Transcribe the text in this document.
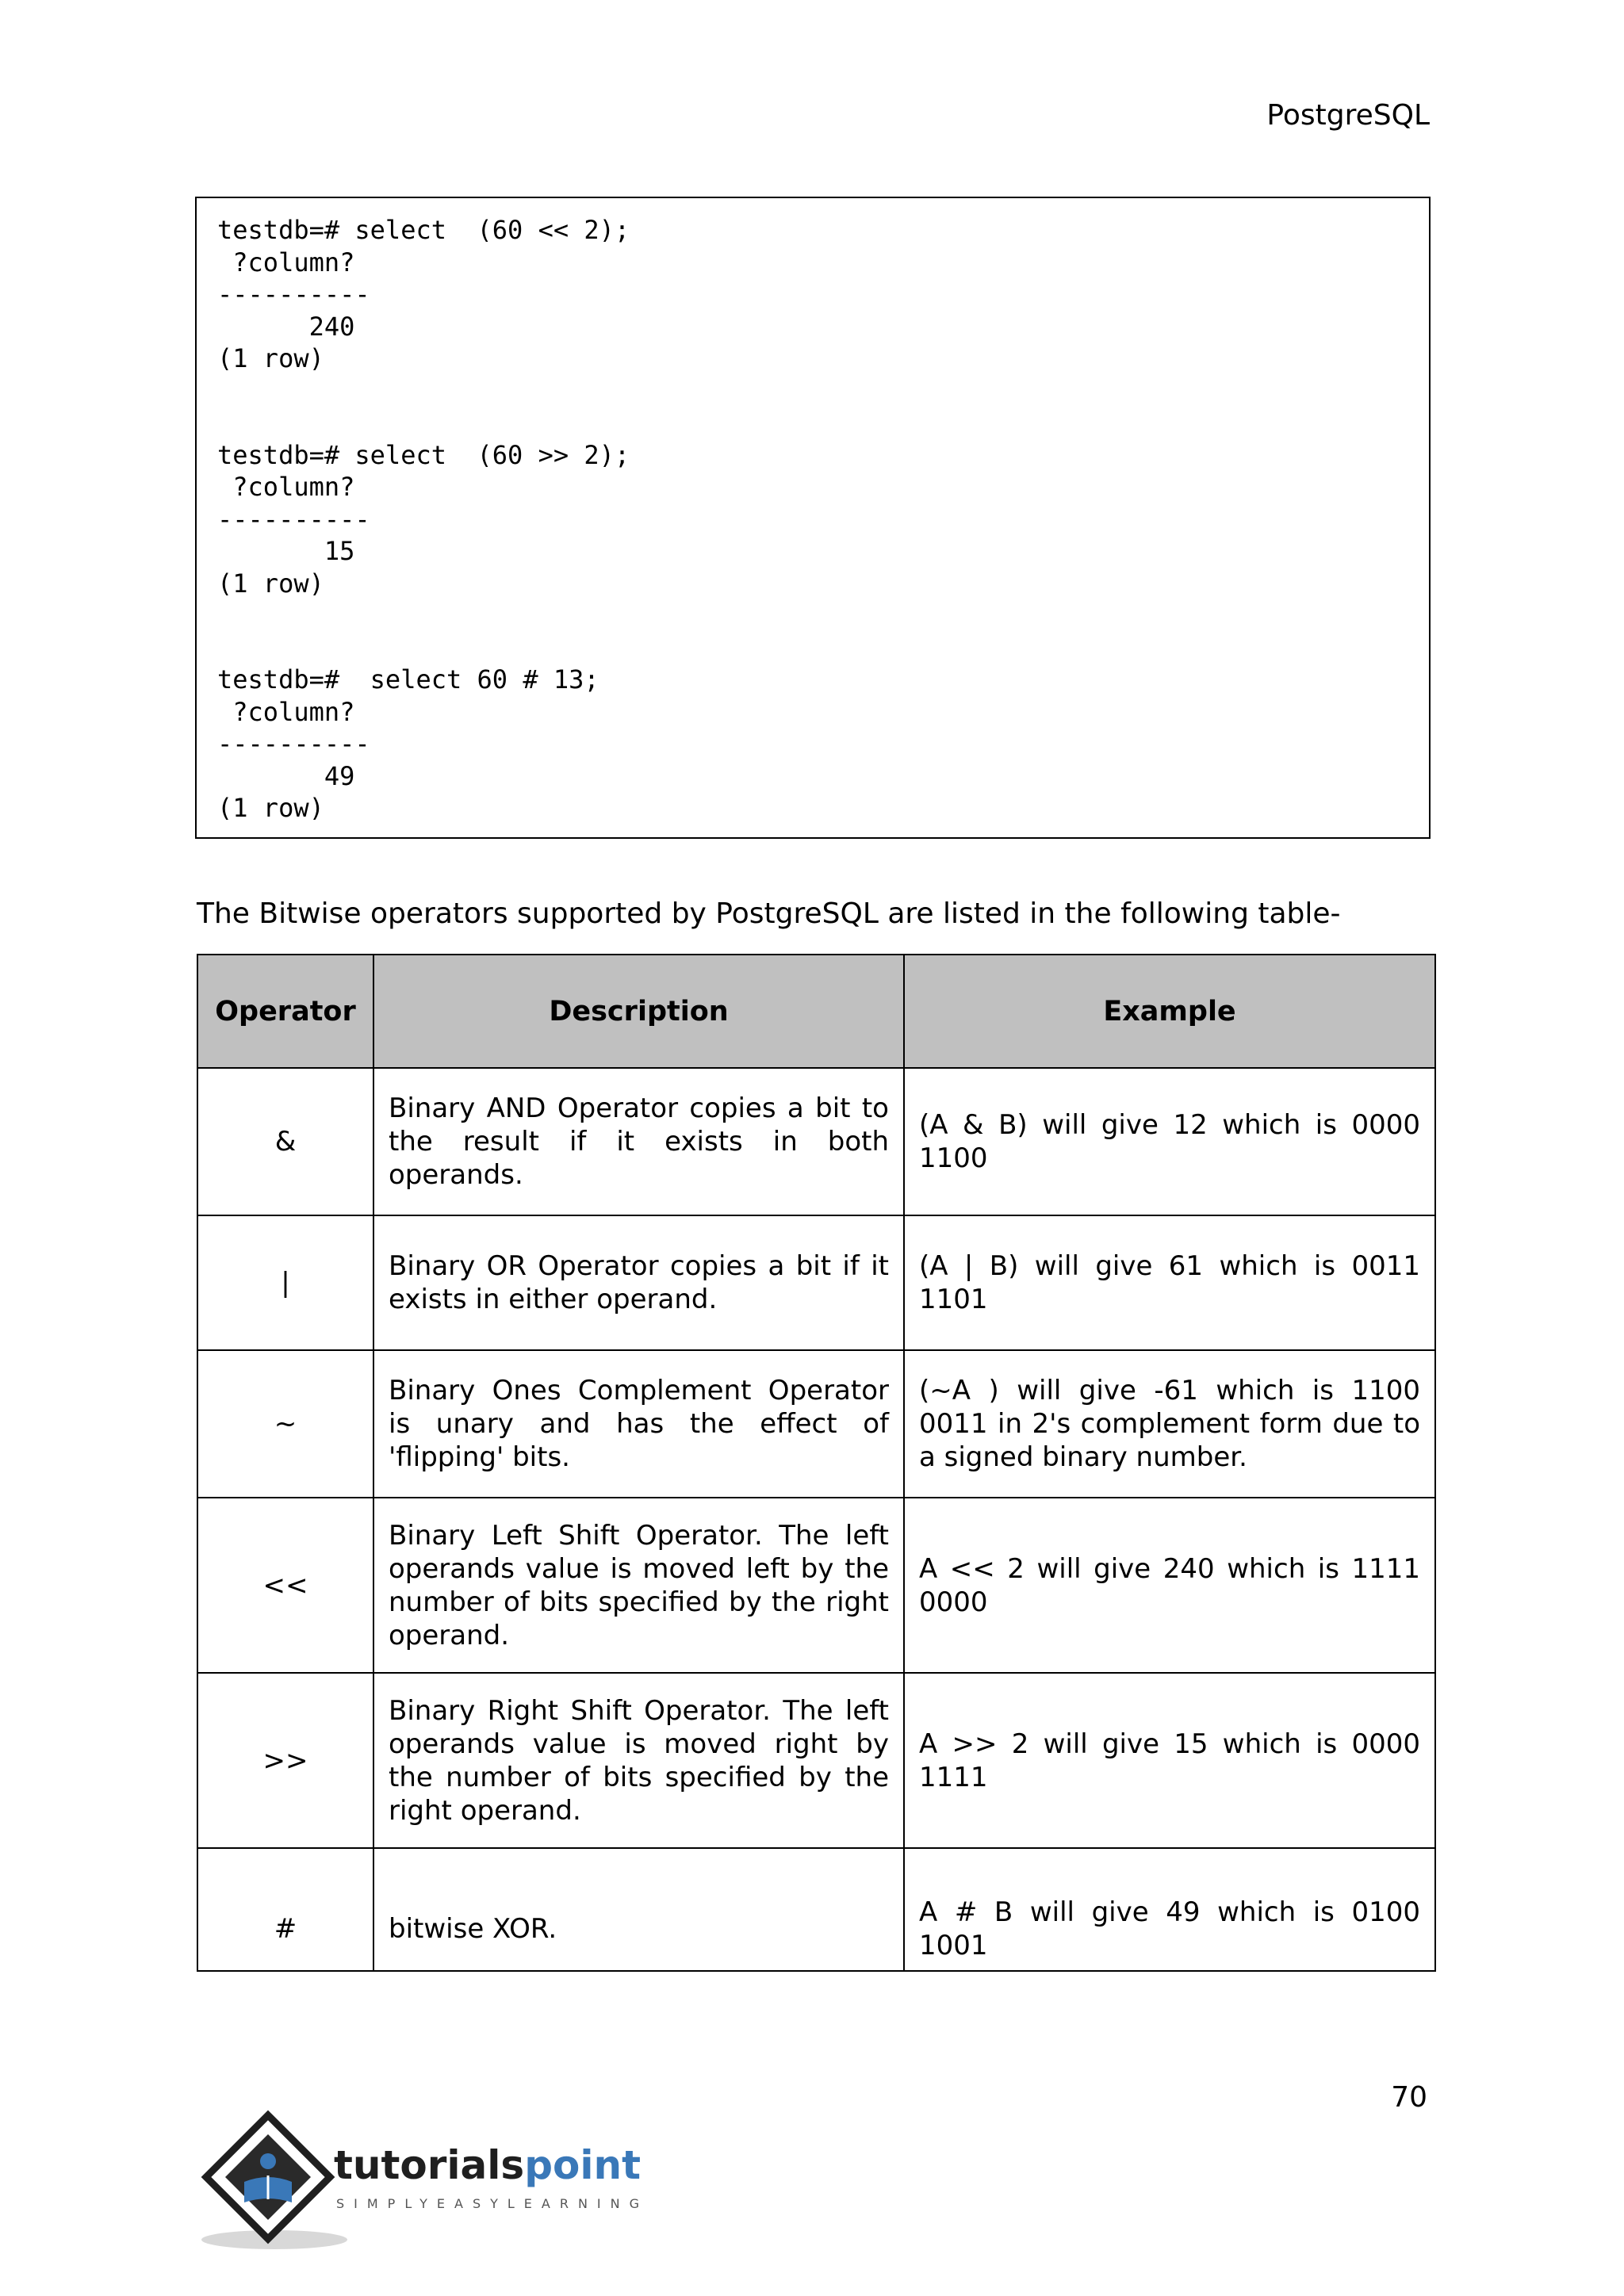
PostgreSQL
testdb=# select  (60 << 2);
?column?
----------
240
(1 row)

testdb=# select  (60 >> 2);
?column?
----------
15
(1 row)

testdb=#  select 60 # 13;
?column?
----------
49
(1 row)
The Bitwise operators supported by PostgreSQL are listed in the following table-
Operator	Description	Example
&	Binary AND Operator copies a bit to the result if it exists in both operands.	(A & B) will give 12 which is 0000 1100
|	Binary OR Operator copies a bit if it exists in either operand.	(A | B) will give 61 which is 0011 1101
~	Binary Ones Complement Operator is unary and has the effect of 'flipping' bits.	(~A ) will give -61 which is 1100 0011 in 2's complement form due to a signed binary number.
<<	Binary Left Shift Operator. The left operands value is moved left by the number of bits specified by the right operand.	A << 2 will give 240 which is 1111 0000
>>	Binary Right Shift Operator. The left operands value is moved right by the number of bits specified by the right operand.	A >> 2 will give 15 which is 0000 1111
#	bitwise XOR.	A # B will give 49 which is 0100 1001
70
tutorialspoint
SIMPLYEASYLEARNING
